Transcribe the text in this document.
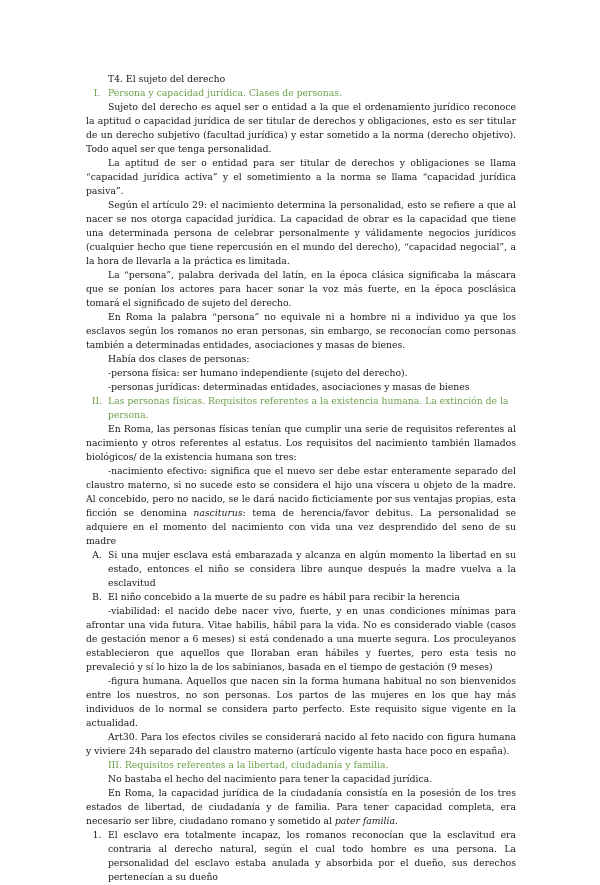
T4. El sujeto del derecho

I. Persona y capacidad jurídica. Clases de personas.

Sujeto del derecho es aquel ser o entidad a la que el ordenamiento jurídico reconoce la aptitud o capacidad jurídica de ser titular de derechos y obligaciones, esto es ser titular de un derecho subjetivo (facultad jurídica) y estar sometido a la norma (derecho objetivo). Todo aquel ser que tenga personalidad.

La aptitud de ser o entidad para ser titular de derechos y obligaciones se llama “capacidad jurídica activa” y el sometimiento a la norma se llama “capacidad jurídica pasiva”.

Según el artículo 29: el nacimiento determina la personalidad, esto se refiere a que al nacer se nos otorga capacidad jurídica. La capacidad de obrar es la capacidad que tiene una determinada persona de celebrar personalmente y válidamente negocios jurídicos (cualquier hecho que tiene repercusión en el mundo del derecho), “capacidad negocial”, a la hora de llevarla a la práctica es limitada.

La “persona”, palabra derivada del latín, en la época clásica significaba la máscara que se ponían los actores para hacer sonar la voz más fuerte, en la época posclásica tomará el significado de sujeto del derecho.

En Roma la palabra “persona” no equivale ni a hombre ni a individuo ya que los esclavos según los romanos no eran personas, sin embargo, se reconocían como personas también a determinadas entidades, asociaciones y masas de bienes.

Había dos clases de personas:

-persona física: ser humano independiente (sujeto del derecho).

-personas jurídicas: determinadas entidades, asociaciones y masas de bienes

II. Las personas físicas. Requisitos referentes a la existencia humana. La extinción de la persona.

En Roma, las personas físicas tenían que cumplir una serie de requisitos referentes al nacimiento y otros referentes al estatus. Los requisitos del nacimiento también llamados biológicos/ de la existencia humana son tres:

-nacimiento efectivo: significa que el nuevo ser debe estar enteramente separado del claustro materno, si no sucede esto se considera el hijo una víscera u objeto de la madre. Al concebido, pero no nacido, se le dará nacido ficticiamente por sus ventajas propias, esta ficción se denomina nasciturus: tema de herencia/favor debitus. La personalidad se adquiere en el momento del nacimiento con vida una vez desprendido del seno de su madre

A. Si una mujer esclava está embarazada y alcanza en algún momento la libertad en su estado, entonces el niño se considera libre aunque después la madre vuelva a la esclavitud
B. El niño concebido a la muerte de su padre es hábil para recibir la herencia

-viabilidad: el nacido debe nacer vivo, fuerte, y en unas condiciones mínimas para afrontar una vida futura. Vitae habilis, hábil para la vida. No es considerado viable (casos de gestación menor a 6 meses) si está condenado a una muerte segura. Los proculeyanos establecieron que aquellos que lloraban eran hábiles y fuertes, pero esta tesis no prevaleció y sí lo hizo la de los sabinianos, basada en el tiempo de gestación (9 meses)

-figura humana. Aquellos que nacen sin la forma humana habitual no son bienvenidos entre los nuestros, no son personas. Los partos de las mujeres en los que hay más individuos de lo normal se considera parto perfecto. Este requisito sigue vigente en la actualidad.

Art30. Para los efectos civiles se considerará nacido al feto nacido con figura humana y viviere 24h separado del claustro materno (artículo vigente hasta hace poco en españa).

III. Requisitos referentes a la libertad, ciudadanía y familia.

No bastaba el hecho del nacimiento para tener la capacidad jurídica.

En Roma, la capacidad jurídica de la ciudadanía consistía en la posesión de los tres estados de libertad, de ciudadanía y de familia. Para tener capacidad completa, era necesario ser libre, ciudadano romano y sometido al pater familia.

1. El esclavo era totalmente incapaz, los romanos reconocían que la esclavitud era contraria al derecho natural, según el cual todo hombre es una persona. La personalidad del esclavo estaba anulada y absorbida por el dueño, sus derechos pertenecían a su dueño
